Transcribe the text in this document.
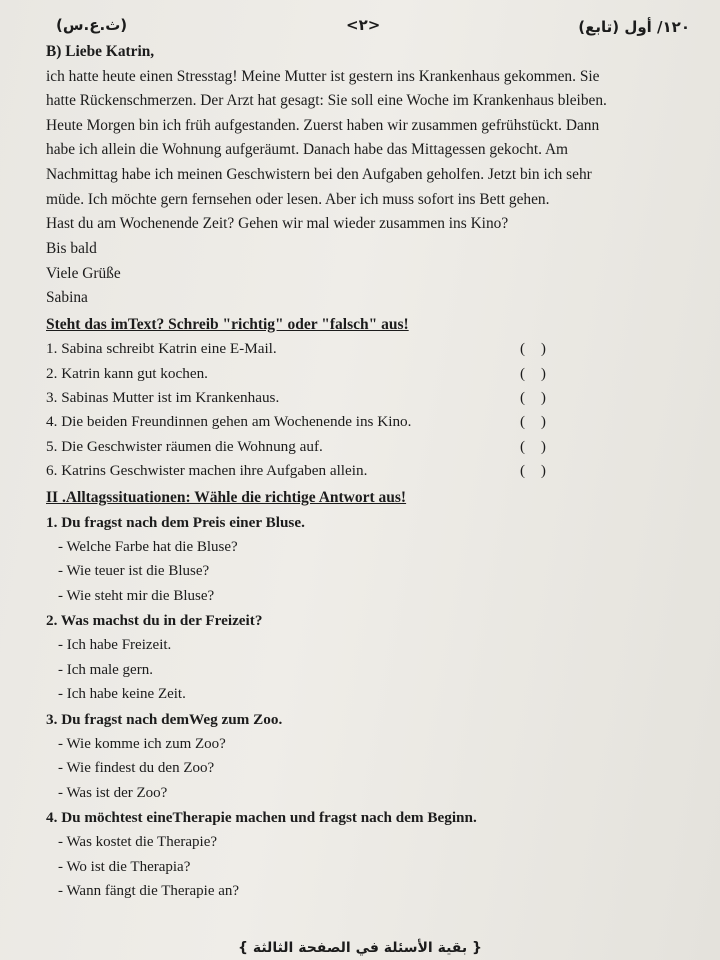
(ث.ع.س)	<٢>	١٢٠/ أول (تابع)

B) Liebe Katrin,

ich hatte heute einen Stresstag! Meine Mutter ist gestern ins Krankenhaus gekommen. Sie
hatte Rückenschmerzen. Der Arzt hat gesagt: Sie soll eine Woche im Krankenhaus bleiben.
Heute Morgen bin ich früh aufgestanden. Zuerst haben wir zusammen gefrühstückt. Dann
habe ich allein die Wohnung aufgeräumt. Danach habe das Mittagessen gekocht. Am
Nachmittag habe ich meinen Geschwistern bei den Aufgaben geholfen. Jetzt bin ich sehr
müde. Ich möchte gern fernsehen oder lesen. Aber ich muss sofort ins Bett gehen.
Hast du am Wochenende Zeit? Gehen wir mal wieder zusammen ins Kino?
Bis bald
Viele Grüße
Sabina
Steht das imText? Schreib "richtig" oder "falsch" aus!
1. Sabina schreibt Katrin eine E-Mail.	( )
2. Katrin kann gut kochen.	( )
3. Sabinas Mutter ist im Krankenhaus.	( )
4. Die beiden Freundinnen gehen am Wochenende ins Kino.	( )
5. Die Geschwister räumen die Wohnung auf.	( )
6. Katrins Geschwister machen ihre Aufgaben allein.	( )
II .Alltagssituationen: Wähle die richtige Antwort aus!
1. Du fragst nach dem Preis einer Bluse.
- Welche Farbe hat die Bluse?
- Wie teuer ist die Bluse?
- Wie steht mir die Bluse?
2. Was machst du in der Freizeit?
- Ich habe Freizeit.
- Ich male gern.
- Ich habe keine Zeit.
3. Du fragst nach demWeg zum Zoo.
- Wie komme ich zum Zoo?
- Wie findest du den Zoo?
- Was ist der Zoo?
4. Du möchtest eineTherapie machen und fragst nach dem Beginn.
- Was kostet die Therapie?
- Wo ist die Therapia?
- Wann fängt die Therapie an?
{ بقية الأسئلة في الصفحة الثالثة }
